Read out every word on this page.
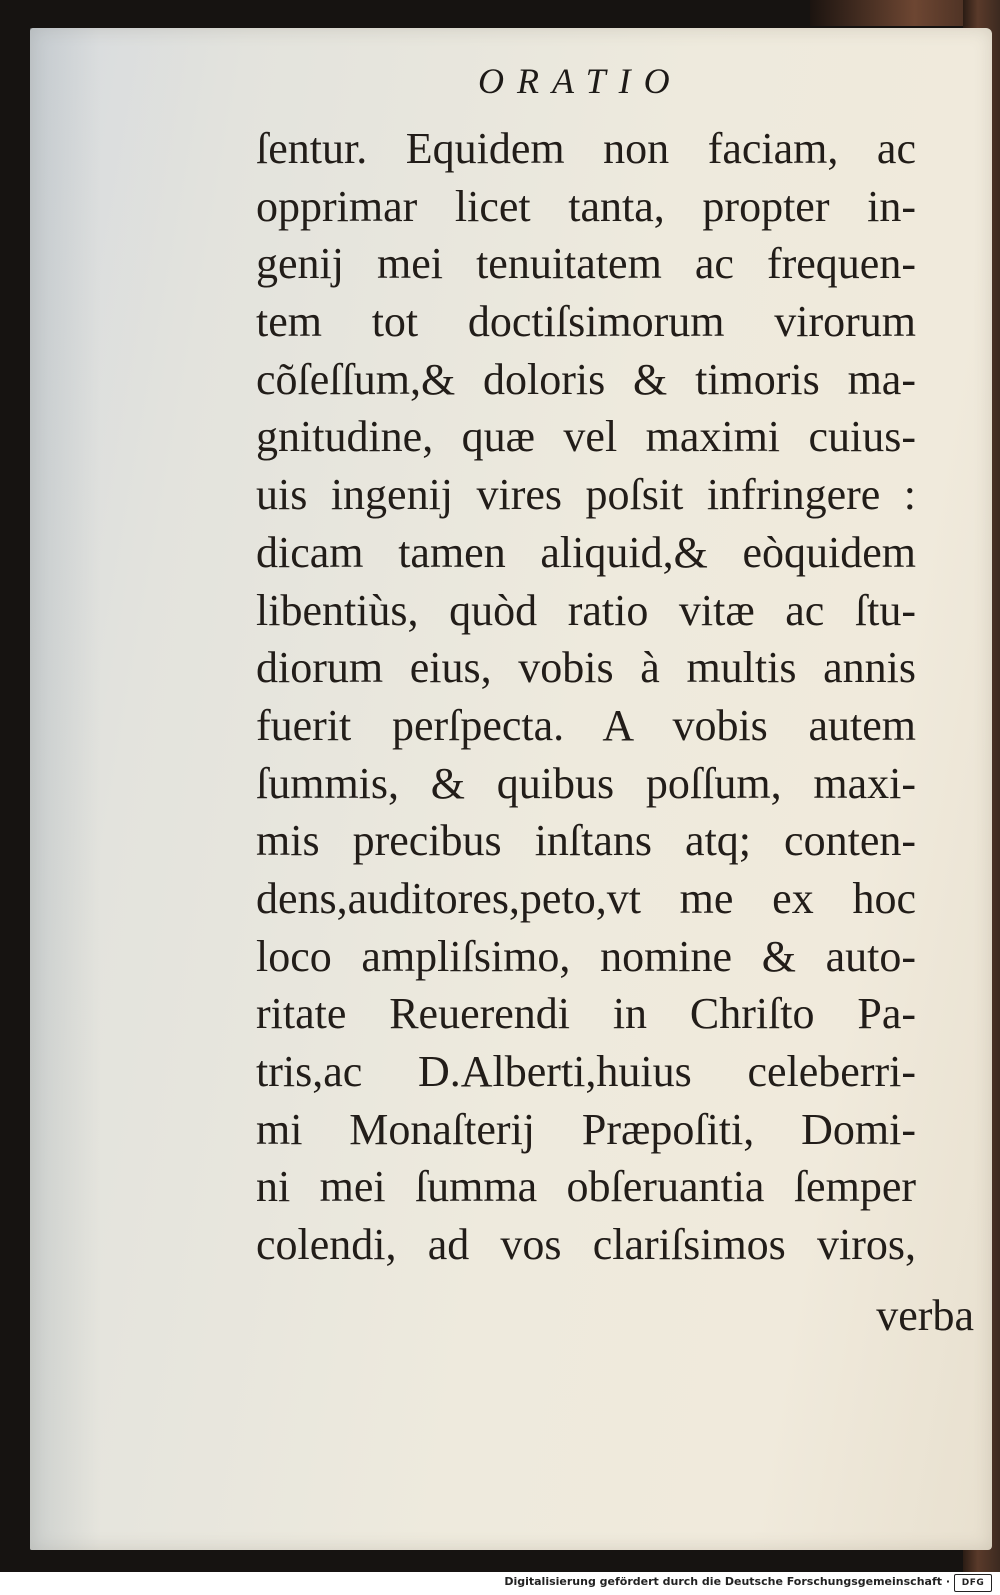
ORATIO
ſentur. Equidem non faciam, ac
opprimar licet tanta, propter in-
genij mei tenuitatem ac frequen-
tem tot doctiſsimorum virorum
cõſeſſum,& doloris & timoris ma-
gnitudine, quæ vel maximi cuius-
uis ingenij vires poſsit infringere :
dicam tamen aliquid,& eòquidem
libentiùs, quòd ratio vitæ ac ſtu-
diorum eius, vobis à multis annis
fuerit perſpecta. A vobis autem
ſummis, & quibus poſſum, maxi-
mis precibus inſtans atq; conten-
dens,auditores,peto,vt me ex hoc
loco ampliſsimo, nomine & auto-
ritate Reuerendi in Chriſto Pa-
tris,ac D.Alberti,huius celeberri-
mi Monaſterij Præpoſiti, Domi-
ni mei ſumma obſeruantia ſemper
colendi, ad vos clariſsimos viros,
verba
Digitalisierung gefördert durch die Deutsche Forschungsgemeinschaft · DFG
